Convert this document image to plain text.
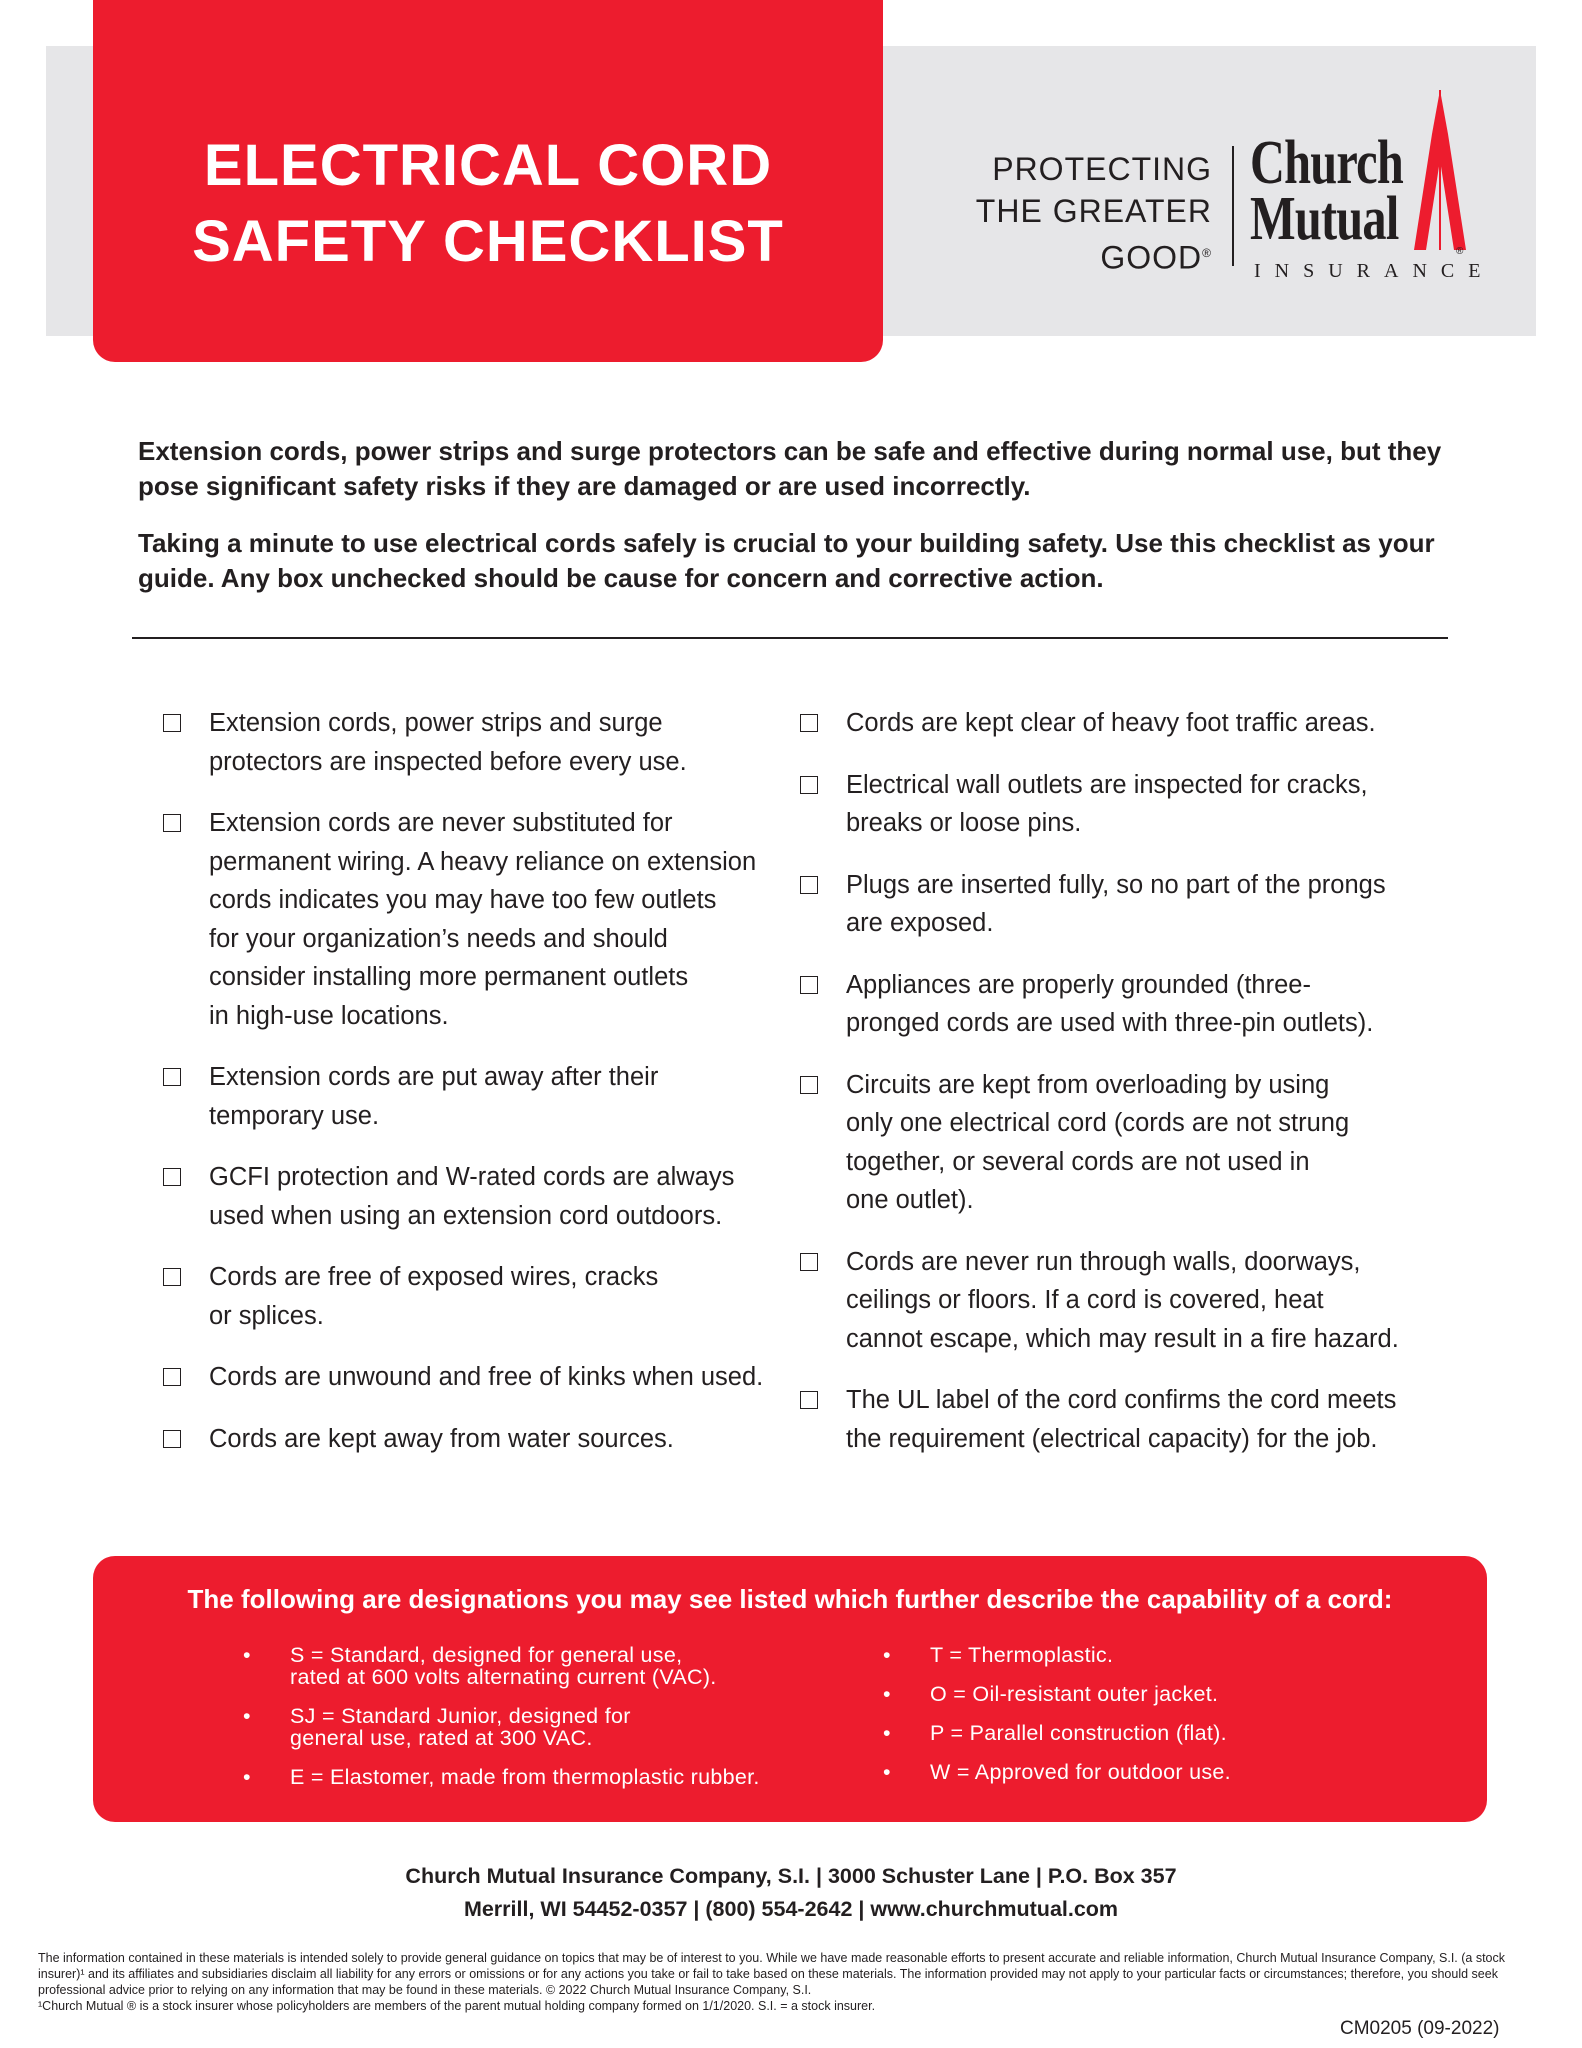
ELECTRICAL CORD
SAFETY CHECKLIST
PROTECTING
THE GREATER
GOOD®
Church
Mutual
INSURANCE
®

Extension cords, power strips and surge protectors can be safe and effective during normal use, but they pose significant safety risks if they are damaged or are used incorrectly.

Taking a minute to use electrical cords safely is crucial to your building safety. Use this checklist as your guide. Any box unchecked should be cause for concern and corrective action.

Extension cords, power strips and surge
protectors are inspected before every use.
Extension cords are never substituted for
permanent wiring. A heavy reliance on extension
cords indicates you may have too few outlets
for your organization’s needs and should
consider installing more permanent outlets
in high-use locations.
Extension cords are put away after their
temporary use.
GCFI protection and W-rated cords are always
used when using an extension cord outdoors.
Cords are free of exposed wires, cracks
or splices.
Cords are unwound and free of kinks when used.
Cords are kept away from water sources.
Cords are kept clear of heavy foot traffic areas.
Electrical wall outlets are inspected for cracks,
breaks or loose pins.
Plugs are inserted fully, so no part of the prongs
are exposed.
Appliances are properly grounded (three-
pronged cords are used with three-pin outlets).
Circuits are kept from overloading by using
only one electrical cord (cords are not strung
together, or several cords are not used in
one outlet).
Cords are never run through walls, doorways,
ceilings or floors. If a cord is covered, heat
cannot escape, which may result in a fire hazard.
The UL label of the cord confirms the cord meets
the requirement (electrical capacity) for the job.
The following are designations you may see listed which further describe the capability of a cord:
• S = Standard, designed for general use,
rated at 600 volts alternating current (VAC).
• SJ = Standard Junior, designed for
general use, rated at 300 VAC.
• E = Elastomer, made from thermoplastic rubber.
• T = Thermoplastic.
• O = Oil-resistant outer jacket.
• P = Parallel construction (flat).
• W = Approved for outdoor use.
Church Mutual Insurance Company, S.I. | 3000 Schuster Lane | P.O. Box 357
Merrill, WI 54452-0357 | (800) 554-2642 | www.churchmutual.com
The information contained in these materials is intended solely to provide general guidance on topics that may be of interest to you. While we have made reasonable efforts to present accurate and reliable information, Church Mutual Insurance Company, S.I. (a stock insurer)¹ and its affiliates and subsidiaries disclaim all liability for any errors or omissions or for any actions you take or fail to take based on these materials. The information provided may not apply to your particular facts or circumstances; therefore, you should seek professional advice prior to relying on any information that may be found in these materials. © 2022 Church Mutual Insurance Company, S.I.
¹Church Mutual ® is a stock insurer whose policyholders are members of the parent mutual holding company formed on 1/1/2020. S.I. = a stock insurer.
CM0205 (09-2022)
